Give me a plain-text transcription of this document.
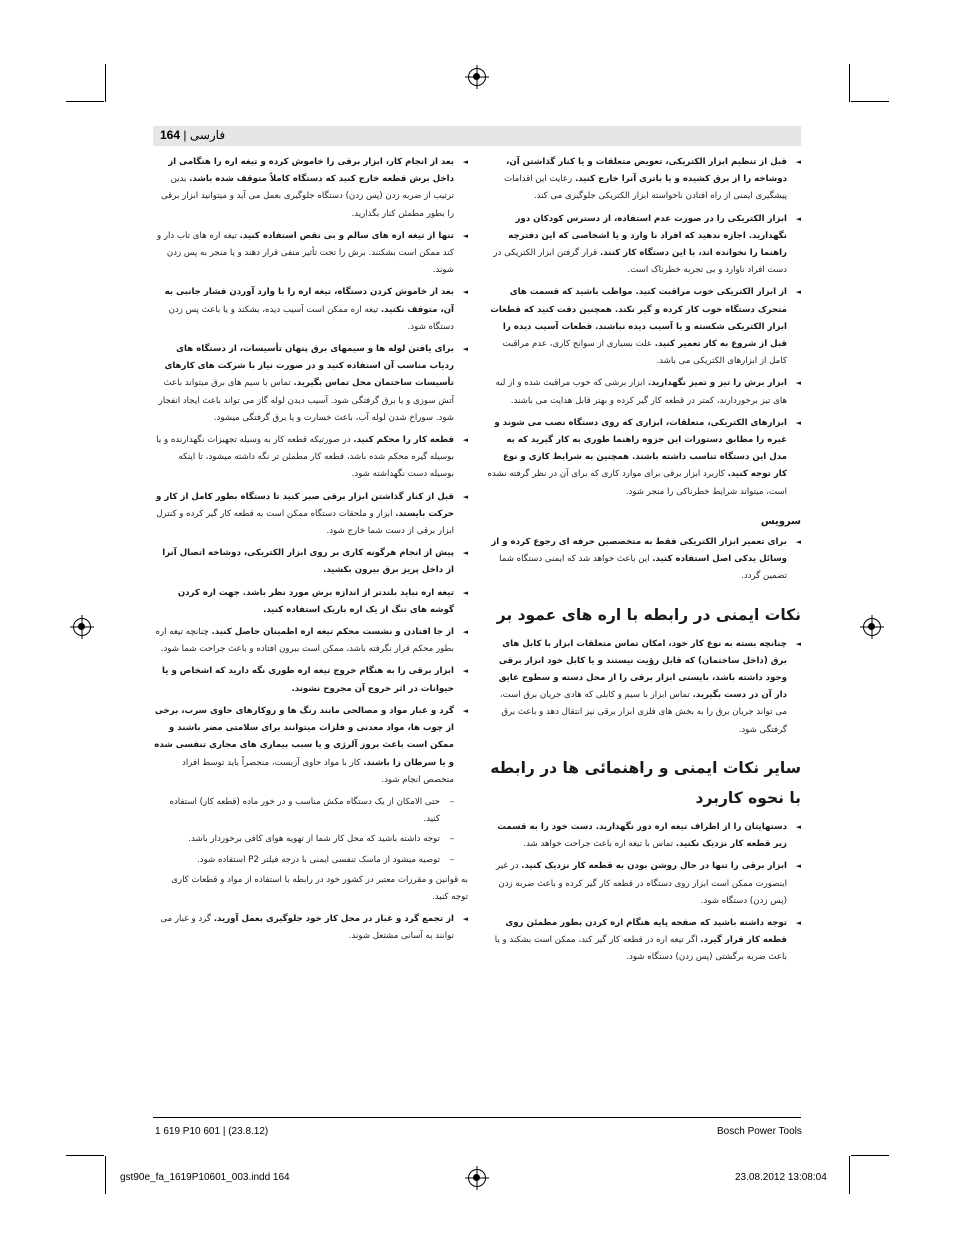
164 | فارسی
◄ قبل از تنظیم ابزار الکتریکی، تعویض متعلقات و یا کنار گذاشتن آن، دوشاخه را از برق کشیده و یا باتری آنرا خارج کنید. رعایت این اقدامات پیشگیری ایمنی از راه افتادن ناخواسته ابزار الکتریکی جلوگیری می کند.
◄ ابزار الکتریکی را در صورت عدم استفاده، از دسترس کودکان دور نگهدارید. اجازه ندهید که افراد نا وارد و یا اشخاصی که این دفترچه راهنما را نخوانده اند، با این دستگاه کار کنند. قرار گرفتن ابزار الکتریکی در دست افراد ناوارد و بی تجربه خطرناک است.
◄ از ابزار الکتریکی خوب مراقبت کنید. مواظب باشید که قسمت های متحرک دستگاه خوب کار کرده و گیر نکند. همچنین دقت کنید که قطعات ابزار الکتریکی شکسته و یا آسیب دیده نباشند. قطعات آسیب دیده را قبل از شروع به کار تعمیر کنید. علت بسیاری از سوانح کاری، عدم مراقبت کامل از ابزارهای الکتریکی می باشد.
◄ ابزار برش را تیز و تمیز نگهدارید. ابزار برشی که خوب مراقبت شده و از لبه های تیز برخوردارند، کمتر در قطعه کار گیر کرده و بهتر قابل هدایت می باشند.
◄ ابزارهای الکتریکی، متعلقات، ابزاری که روی دستگاه نصب می شوند و غیره را مطابق دستورات این جزوه راهنما طوری به کار گیرید که به مدل این دستگاه تناسب داشته باشند. همچنین به شرایط کاری و نوع کار توجه کنید. کاربرد ابزار برقی برای موارد کاری که برای آن در نظر گرفته نشده است، میتواند شرایط خطرناکی را منجر شود.
سرویس
◄ برای تعمیر ابزار الکتریکی فقط به متخصصین حرفه ای رجوع کرده و از وسائل یدکی اصل استفاده کنید. این باعث خواهد شد که ایمنی دستگاه شما تضمین گردد.
نکات ایمنی در رابطه با اره های عمود بر
◄ چنانچه بسته به نوع کار خود، امکان تماس متعلقات ابزار با کابل های برق (داخل ساختمان) که قابل رؤیت نیستند و یا کابل خود ابزار برقی وجود داشته باشد، بایستی ابزار برقی را از محل دسته و سطوح عایق دار آن در دست بگیرید. تماس ابزار با سیم و کابلی که هادی جریان برق است، می تواند جریان برق را به بخش های فلزی ابزار برقی نیز انتقال دهد و باعث برق گرفتگی شود.
سایر نکات ایمنی و راهنمائی ها در رابطه با نحوه کاربرد
◄ دستهایتان را از اطراف تیغه اره دور نگهدارید. دست خود را به قسمت زیر قطعه کار نزدیک نکنید. تماس با تیغه اره باعث جراحت خواهد شد.
◄ ابزار برقی را تنها در حال روشن بودن به قطعه کار نزدیک کنید. در غیر اینصورت ممکن است ابزار روی دستگاه در قطعه کار گیر کرده و باعث ضربه زدن (پس زدن) دستگاه شود.
◄ توجه داشته باشید که صفحه پایه هنگام اره کردن بطور مطمئن روی قطعه کار قرار گیرد. اگر تیغه اره در قطعه کار گیر کند، ممکن است بشکند و یا باعث ضربه برگشتی (پس زدن) دستگاه شود.
◄ بعد از انجام کار، ابزار برقی را خاموش کرده و تیغه اره را هنگامی از داخل برش قطعه خارج کنید که دستگاه کاملاً متوقف شده باشد. بدین ترتیب از ضربه زدن (پس زدن) دستگاه جلوگیری بعمل می آید و میتوانید ابزار برقی را بطور مطمئن کنار بگذارید.
◄ تنها از تیغه اره های سالم و بی نقص استفاده کنید. تیغه اره های تاب دار و کند ممکن است بشکنند. برش را تحت تأثیر منفی قرار دهند و یا منجر به پس زدن شوند.
◄ بعد از خاموش کردن دستگاه، تیغه اره را با وارد آوردن فشار جانبی به آن، متوقف نکنید. تیغه اره ممکن است آسیب دیده، بشکند و یا باعث پس زدن دستگاه شود.
◄ برای یافتن لوله ها و سیمهای برق پنهان تأسیسات، از دستگاه های ردیاب مناسب آن استفاده کنید و در صورت نیاز با شرکت های کارهای تأسیسات ساختمان محل تماس بگیرید. تماس با سیم های برق میتواند باعث آتش سوزی و یا برق گرفتگی شود. آسیب دیدن لوله گاز می تواند باعث ایجاد انفجار شود. سوراخ شدن لوله آب، باعث خسارت و یا برق گرفتگی میشود.
◄ قطعه کار را محکم کنید. در صورتیکه قطعه کار به وسیله تجهیزات نگهدارنده و یا بوسیله گیره محکم شده باشد، قطعه کار مطمئن تر نگه داشته میشود، تا اینکه بوسیله دست نگهداشته شود.
◄ قبل از کنار گذاشتن ابزار برقی صبر کنید تا دستگاه بطور کامل از کار و حرکت بایستد. ابزار و ملحقات دستگاه ممکن است به قطعه کار گیر کرده و کنترل ابزار برقی از دست شما خارج شود.
◄ پیش از انجام هرگونه کاری بر روی ابزار الکتریکی، دوشاخه اتصال آنرا از داخل پریز برق بیرون بکشید.
◄ تیغه اره نباید بلندتر از اندازه برش مورد نظر باشد. جهت اره کردن گوشه های تنگ از یک اره باریک استفاده کنید.
◄ از جا افتادن و نشست محکم تیغه اره اطمینان حاصل کنید. چنانچه تیغه اره بطور محکم قرار نگرفته باشد، ممکن است بیرون افتاده و باعث جراحت شما شود.
◄ ابزار برقی را به هنگام خروج تیغه اره طوری نگه دارید که اشخاص و یا حیوانات در اثر خروج آن مجروح نشوند.
◄ گرد و غبار مواد و مصالحی مانند رنگ ها و روکارهای حاوی سرب، برخی از چوب ها، مواد معدنی و فلزات میتوانند برای سلامتی مضر باشند و ممکن است باعث بروز آلرژی و یا سبب بیماری های مجاری تنفسی شده و یا سرطان زا باشند. کار با مواد حاوی آزبست، منحصراً باید توسط افراد متخصص انجام شود.
– حتی الامکان از یک دستگاه مکش مناسب و در خور ماده (قطعه کار) استفاده کنید.
– توجه داشته باشید که محل کار شما از تهویه هوای کافی برخوردار باشد.
– توصیه میشود از ماسک تنفسی ایمنی با درجه فیلتر P2 استفاده شود.
به قوانین و مقررات معتبر در کشور خود در رابطه با استفاده از مواد و قطعات کاری توجه کنید.
◄ از تجمع گرد و غبار در محل کار خود جلوگیری بعمل آورید. گرد و غبار می توانند به آسانی مشتعل شوند.
1 619 P10 601 | (23.8.12)	Bosch Power Tools
gst90e_fa_1619P10601_003.indd 164	23.08.2012 13:08:04
